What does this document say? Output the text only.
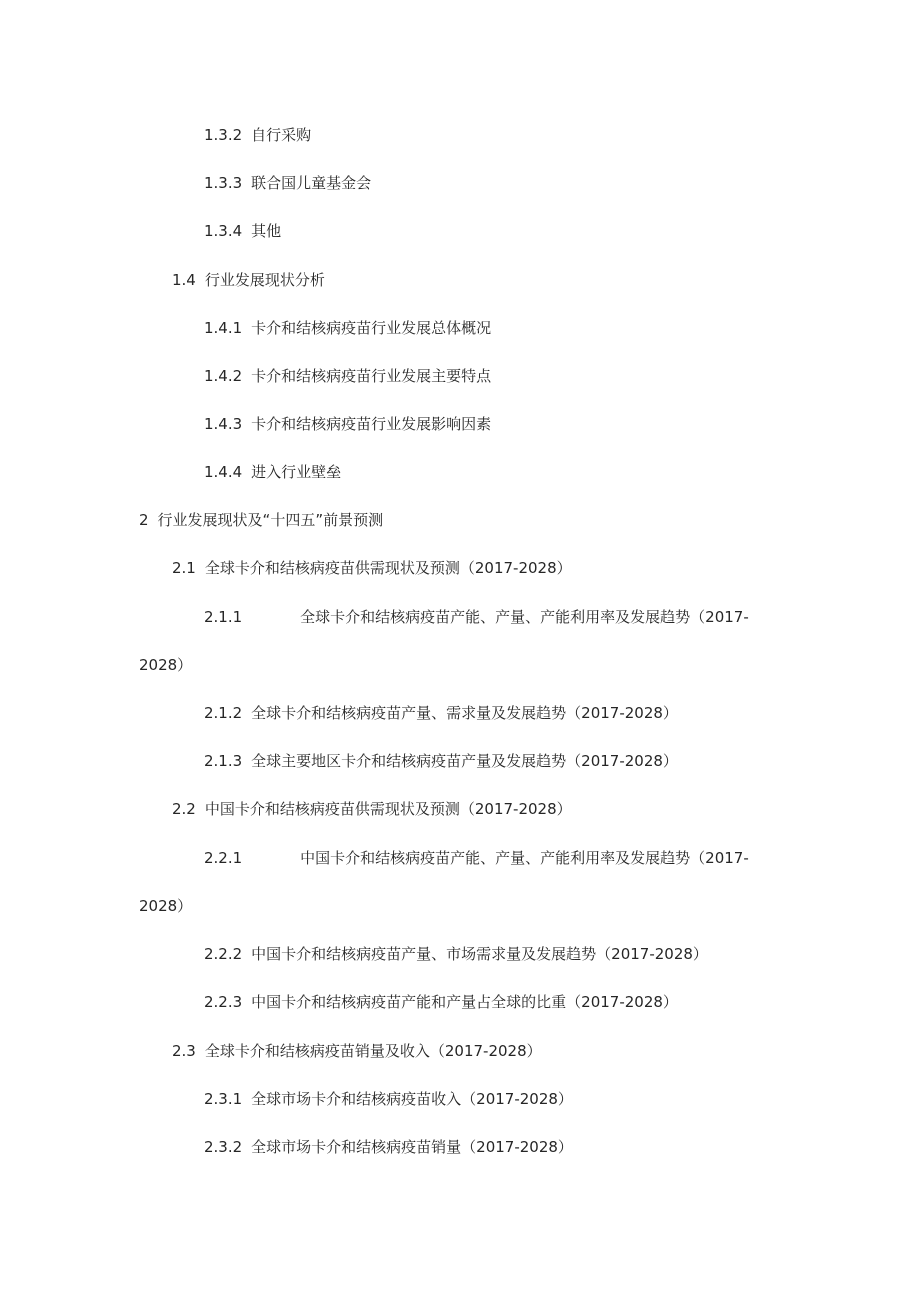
1.3.2 自行采购
1.3.3 联合国儿童基金会
1.3.4 其他
1.4 行业发展现状分析
1.4.1 卡介和结核病疫苗行业发展总体概况
1.4.2 卡介和结核病疫苗行业发展主要特点
1.4.3 卡介和结核病疫苗行业发展影响因素
1.4.4 进入行业壁垒
2 行业发展现状及“十四五”前景预测
2.1 全球卡介和结核病疫苗供需现状及预测（2017-2028）
2.1.1	全球卡介和结核病疫苗产能、产量、产能利用率及发展趋势（2017-
2028）
2.1.2 全球卡介和结核病疫苗产量、需求量及发展趋势（2017-2028）
2.1.3 全球主要地区卡介和结核病疫苗产量及发展趋势（2017-2028）
2.2 中国卡介和结核病疫苗供需现状及预测（2017-2028）
2.2.1	中国卡介和结核病疫苗产能、产量、产能利用率及发展趋势（2017-
2028）
2.2.2 中国卡介和结核病疫苗产量、市场需求量及发展趋势（2017-2028）
2.2.3 中国卡介和结核病疫苗产能和产量占全球的比重（2017-2028）
2.3 全球卡介和结核病疫苗销量及收入（2017-2028）
2.3.1 全球市场卡介和结核病疫苗收入（2017-2028）
2.3.2 全球市场卡介和结核病疫苗销量（2017-2028）
